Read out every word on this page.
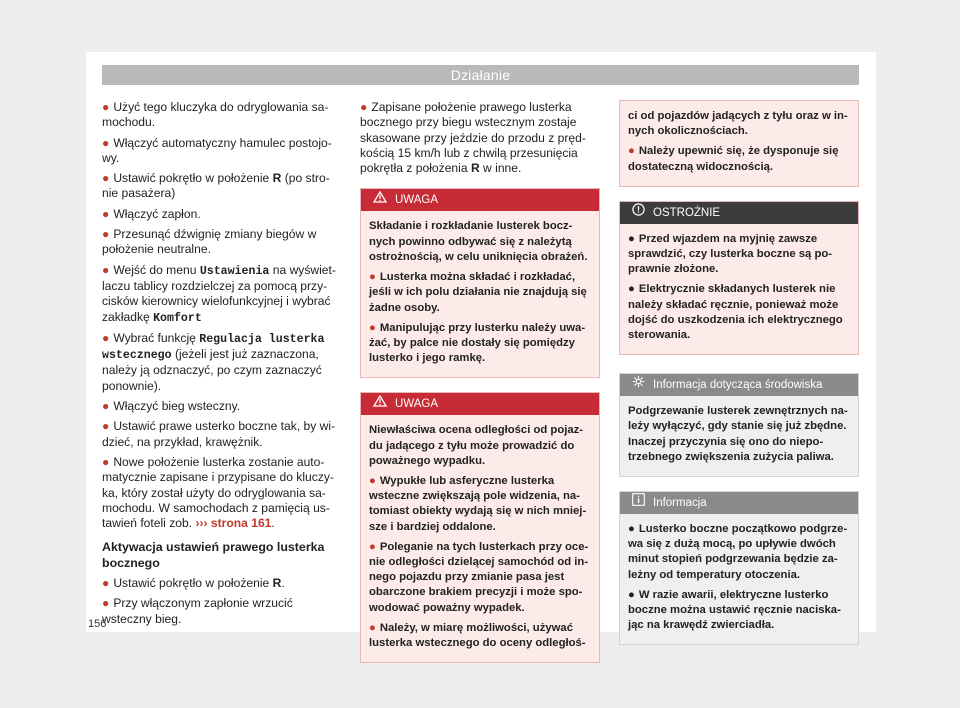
Działanie

● Użyć tego kluczyka do odryglowania sa-mochodu.

● Włączyć automatyczny hamulec postojo-wy.

● Ustawić pokrętło w położenie R (po stro-nie pasażera)

● Włączyć zapłon.

● Przesunąć dźwignię zmiany biegów w położenie neutralne.

● Wejść do menu Ustawienia na wyświet-laczu tablicy rozdzielczej za pomocą przy-cisków kierownicy wielofunkcyjnej i wybrać zakładkę Komfort

● Wybrać funkcję Regulacja lusterka wstecznego (jeżeli jest już zaznaczona, należy ją odznaczyć, po czym zaznaczyć ponownie).

● Włączyć bieg wsteczny.

● Ustawić prawe usterko boczne tak, by wi-dzieć, na przykład, krawężnik.

● Nowe położenie lusterka zostanie auto-matycznie zapisane i przypisane do kluczy-ka, który został użyty do odryglowania sa-mochodu. W samochodach z pamięcią us-tawień foteli zob. ››› strona 161.

Aktywacja ustawień prawego lusterka bocznego

● Ustawić pokrętło w położenie R.

● Przy włączonym zapłonie wrzucić wsteczny bieg.

● Zapisane położenie prawego lusterka bocznego przy biegu wstecznym zostaje skasowane przy jeździe do przodu z pręd-kością 15 km/h lub z chwilą przesunięcia pokrętła z położenia R w inne.

UWAGA

Składanie i rozkładanie lusterek bocz-nych powinno odbywać się z należytą ostrożnością, w celu uniknięcia obrażeń.

● Lusterka można składać i rozkładać, jeśli w ich polu działania nie znajdują się żadne osoby.

● Manipulując przy lusterku należy uwa-żać, by palce nie dostały się pomiędzy lusterko i jego ramkę.

UWAGA

Niewłaściwa ocena odległości od pojaz-du jadącego z tyłu może prowadzić do poważnego wypadku.

● Wypukłe lub asferyczne lusterka wsteczne zwiększają pole widzenia, na-tomiast obiekty wydają się w nich mniej-sze i bardziej oddalone.

● Poleganie na tych lusterkach przy oce-nie odległości dzielącej samochód od in-nego pojazdu przy zmianie pasa jest obarczone brakiem precyzji i może spo-wodować poważny wypadek.

● Należy, w miarę możliwości, używać lusterka wstecznego do oceny odległoś-

ci od pojazdów jadących z tyłu oraz w in-nych okolicznościach.

● Należy upewnić się, że dysponuje się dostateczną widocznością.

OSTROŻNIE

● Przed wjazdem na myjnię zawsze sprawdzić, czy lusterka boczne są po-prawnie złożone.

● Elektrycznie składanych lusterek nie należy składać ręcznie, ponieważ może dojść do uszkodzenia ich elektrycznego sterowania.

Informacja dotycząca środowiska

Podgrzewanie lusterek zewnętrznych na-leży wyłączyć, gdy stanie się już zbędne. Inaczej przyczynia się ono do niepo-trzebnego zwiększenia zużycia paliwa.

Informacja

● Lusterko boczne początkowo podgrze-wa się z dużą mocą, po upływie dwóch minut stopień podgrzewania będzie za-leżny od temperatury otoczenia.

● W razie awarii, elektryczne lusterko boczne można ustawić ręcznie naciska-jąc na krawędź zwierciadła.

156
